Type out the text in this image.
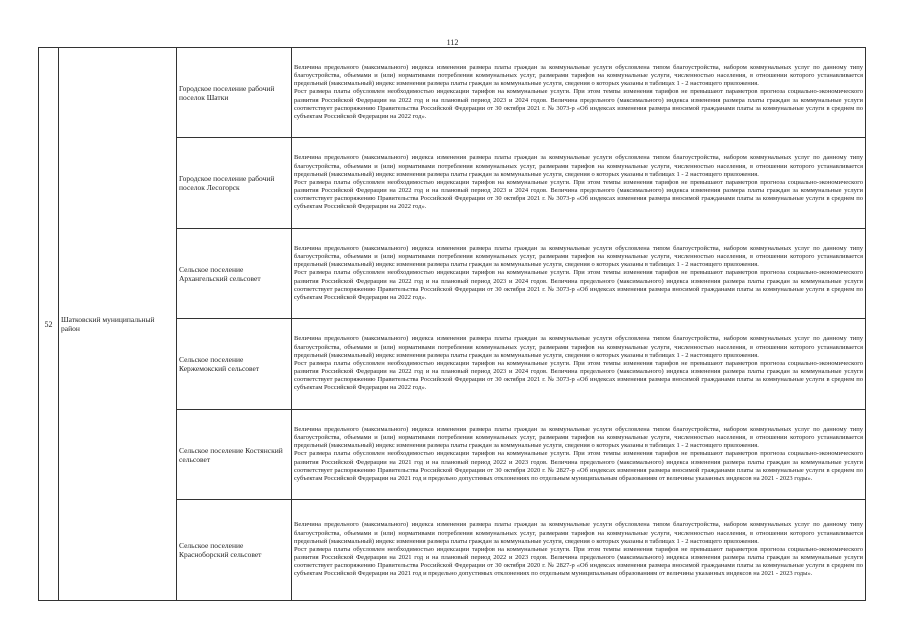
112
52	Шатковский муниципальный район	Городское поселение рабочий поселок Шатки	Величина предельного (максимального) индекса изменения размера платы граждан за коммунальные услуги обусловлена типом благоустройства, набором коммунальных услуг по данному типу благоустройства, объемами и (или) нормативами потребления коммунальных услуг, размерами тарифов на коммунальные услуги, численностью населения, в отношении которого устанавливается предельный (максимальный) индекс изменения размера платы граждан за коммунальные услуги, сведения о которых указаны в таблицах 1 - 2 настоящего приложения.
Рост размера платы обусловлен необходимостью индексации тарифов на коммунальные услуги. При этом темпы изменения тарифов не превышают параметров прогноза социально-экономического развития Российской Федерации на 2022 год и на плановый период 2023 и 2024 годов. Величина предельного (максимального) индекса изменения размера платы граждан за коммунальные услуги соответствует распоряжению Правительства Российской Федерации от 30 октября 2021 г. № 3073-р «Об индексах изменения размера вносимой гражданами платы за коммунальные услуги в среднем по субъектам Российской Федерации на 2022 год».

		Городское поселение рабочий поселок Лесогорск	Величина предельного (максимального) индекса изменения размера платы граждан за коммунальные услуги обусловлена типом благоустройства, набором коммунальных услуг по данному типу благоустройства, объемами и (или) нормативами потребления коммунальных услуг, размерами тарифов на коммунальные услуги, численностью населения, в отношении которого устанавливается предельный (максимальный) индекс изменения размера платы граждан за коммунальные услуги, сведения о которых указаны в таблицах 1 - 2 настоящего приложения.
Рост размера платы обусловлен необходимостью индексации тарифов на коммунальные услуги. При этом темпы изменения тарифов не превышают параметров прогноза социально-экономического развития Российской Федерации на 2022 год и на плановый период 2023 и 2024 годов. Величина предельного (максимального) индекса изменения размера платы граждан за коммунальные услуги соответствует распоряжению Правительства Российской Федерации от 30 октября 2021 г. № 3073-р «Об индексах изменения размера вносимой гражданами платы за коммунальные услуги в среднем по субъектам Российской Федерации на 2022 год».

		Сельское поселение Архангельский сельсовет	Величина предельного (максимального) индекса изменения размера платы граждан за коммунальные услуги обусловлена типом благоустройства, набором коммунальных услуг по данному типу благоустройства, объемами и (или) нормативами потребления коммунальных услуг, размерами тарифов на коммунальные услуги, численностью населения, в отношении которого устанавливается предельный (максимальный) индекс изменения размера платы граждан за коммунальные услуги, сведения о которых указаны в таблицах 1 - 2 настоящего приложения.
Рост размера платы обусловлен необходимостью индексации тарифов на коммунальные услуги. При этом темпы изменения тарифов не превышают параметров прогноза социально-экономического развития Российской Федерации на 2022 год и на плановый период 2023 и 2024 годов. Величина предельного (максимального) индекса изменения размера платы граждан за коммунальные услуги соответствует распоряжению Правительства Российской Федерации от 30 октября 2021 г. № 3073-р «Об индексах изменения размера вносимой гражданами платы за коммунальные услуги в среднем по субъектам Российской Федерации на 2022 год».

		Сельское поселение Кержемокский сельсовет	Величина предельного (максимального) индекса изменения размера платы граждан за коммунальные услуги обусловлена типом благоустройства, набором коммунальных услуг по данному типу благоустройства, объемами и (или) нормативами потребления коммунальных услуг, размерами тарифов на коммунальные услуги, численностью населения, в отношении которого устанавливается предельный (максимальный) индекс изменения размера платы граждан за коммунальные услуги, сведения о которых указаны в таблицах 1 - 2 настоящего приложения.
Рост размера платы обусловлен необходимостью индексации тарифов на коммунальные услуги. При этом темпы изменения тарифов не превышают параметров прогноза социально-экономического развития Российской Федерации на 2022 год и на плановый период 2023 и 2024 годов. Величина предельного (максимального) индекса изменения размера платы граждан за коммунальные услуги соответствует распоряжению Правительства Российской Федерации от 30 октября 2021 г. № 3073-р «Об индексах изменения размера вносимой гражданами платы за коммунальные услуги в среднем по субъектам Российской Федерации на 2022 год».

		Сельское поселение Костянский сельсовет	Величина предельного (максимального) индекса изменения размера платы граждан за коммунальные услуги обусловлена типом благоустройства, набором коммунальных услуг по данному типу благоустройства, объемами и (или) нормативами потребления коммунальных услуг, размерами тарифов на коммунальные услуги, численностью населения, в отношении которого устанавливается предельный (максимальный) индекс изменения размера платы граждан за коммунальные услуги, сведения о которых указаны в таблицах 1 - 2 настоящего приложения.
Рост размера платы обусловлен необходимостью индексации тарифов на коммунальные услуги. При этом темпы изменения тарифов не превышают параметров прогноза социально-экономического развития Российской Федерации на 2021 год и на плановый период 2022 и 2023 годов. Величина предельного (максимального) индекса изменения размера платы граждан за коммунальные услуги соответствует распоряжению Правительства Российской Федерации от 30 октября 2020 г. № 2827-р «Об индексах изменения размера вносимой гражданами платы за коммунальные услуги в среднем по субъектам Российской Федерации на 2021 год и предельно допустимых отклонениях по отдельным муниципальным образованиям от величины указанных индексов на 2021 - 2023 годы».

		Сельское поселение Красноборский сельсовет	Величина предельного (максимального) индекса изменения размера платы граждан за коммунальные услуги обусловлена типом благоустройства, набором коммунальных услуг по данному типу благоустройства, объемами и (или) нормативами потребления коммунальных услуг, размерами тарифов на коммунальные услуги, численностью населения, в отношении которого устанавливается предельный (максимальный) индекс изменения размера платы граждан за коммунальные услуги, сведения о которых указаны в таблицах 1 - 2 настоящего приложения.
Рост размера платы обусловлен необходимостью индексации тарифов на коммунальные услуги. При этом темпы изменения тарифов не превышают параметров прогноза социально-экономического развития Российской Федерации на 2021 год и на плановый период 2022 и 2023 годов. Величина предельного (максимального) индекса изменения размера платы граждан за коммунальные услуги соответствует распоряжению Правительства Российской Федерации от 30 октября 2020 г. № 2827-р «Об индексах изменения размера вносимой гражданами платы за коммунальные услуги в среднем по субъектам Российской Федерации на 2021 год и предельно допустимых отклонениях по отдельным муниципальным образованиям от величины указанных индексов на 2021 - 2023 годы».
